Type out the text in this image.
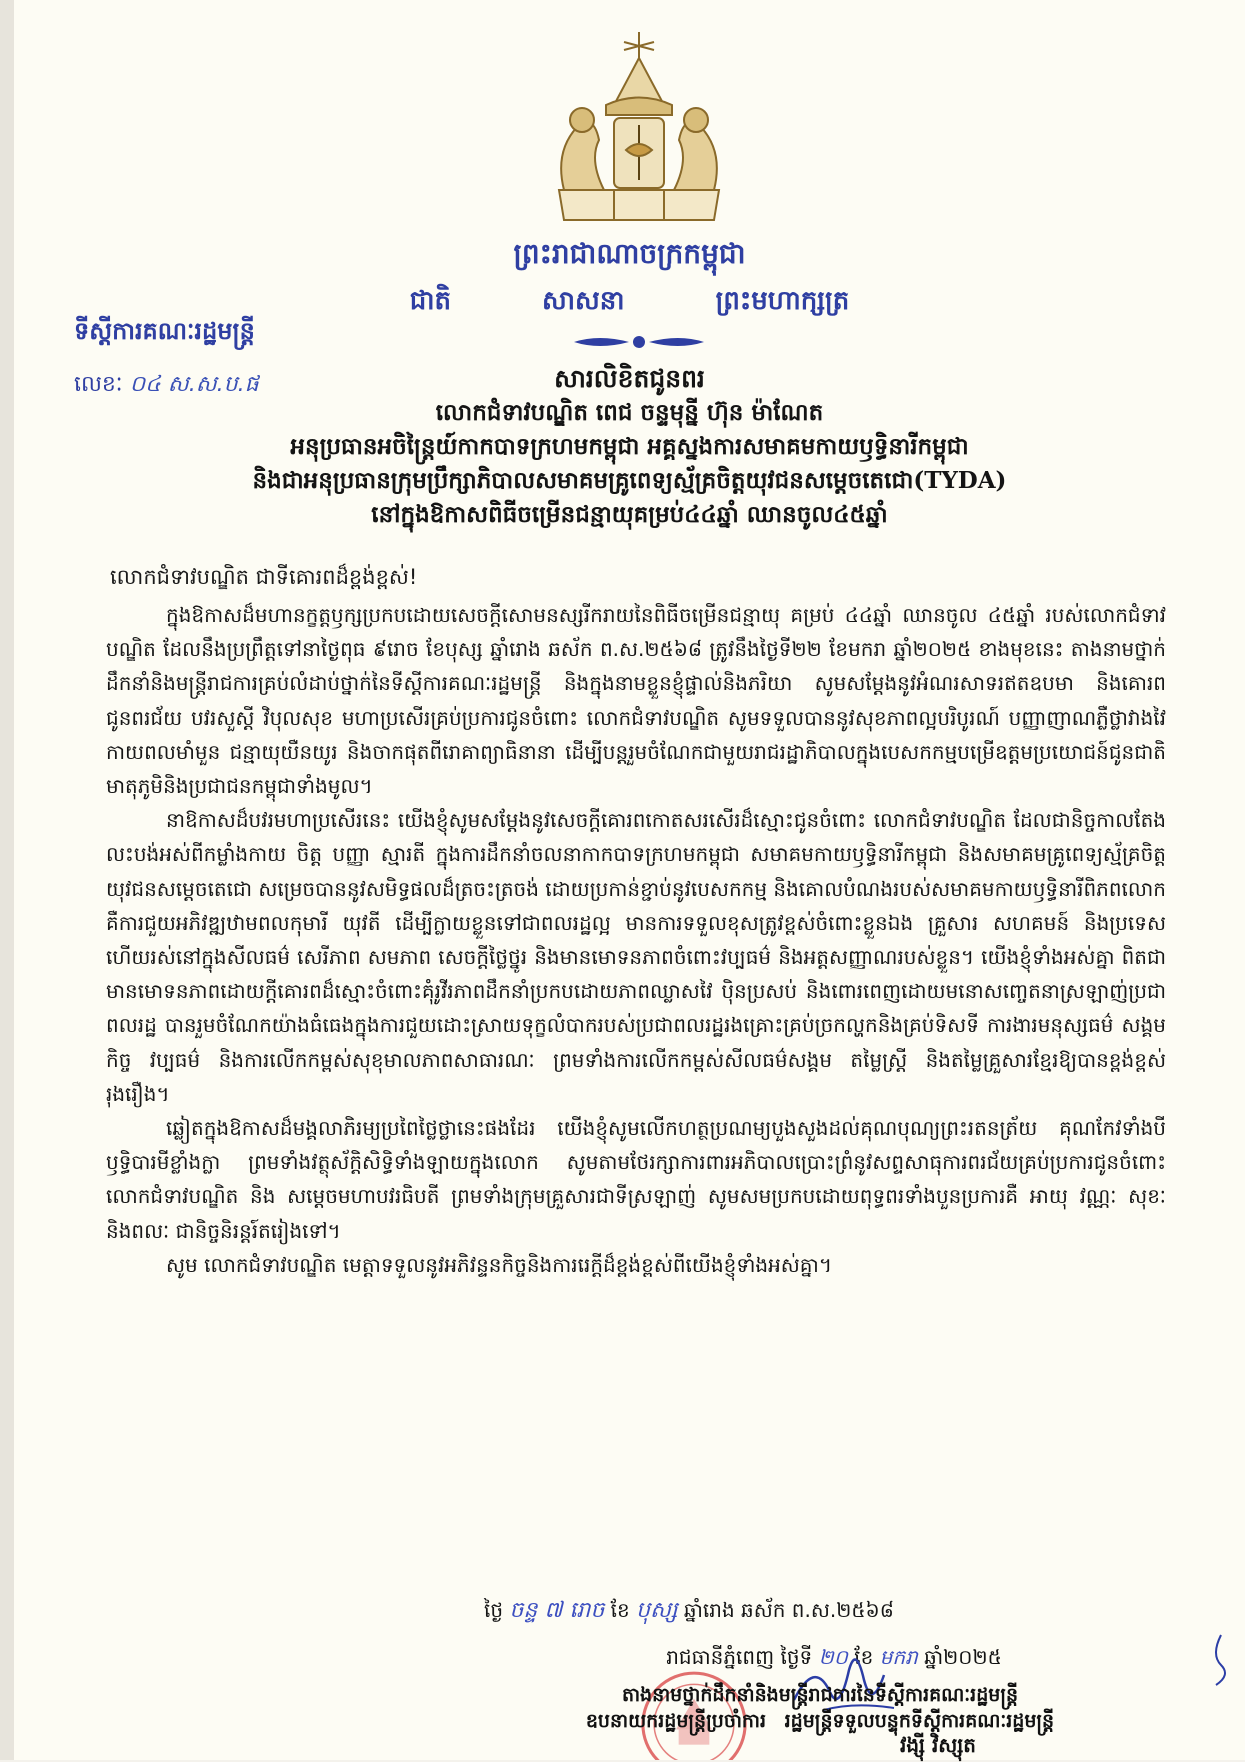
ព្រះរាជាណាចក្រកម្ពុជា
ជាតិ	សាសនា	ព្រះមហាក្សត្រ
ទីស្តីការគណៈរដ្ឋមន្ត្រី
លេខៈ ០៤ ស.ស.ប.ផ	សារលិខិតជូនពរ
លោកជំទាវបណ្ឌិត ពេជ ចន្ទមុន្នី ហ៊ុន ម៉ាណែត
អនុប្រធានអចិន្ត្រៃយ៍កាកបាទក្រហមកម្ពុជា អគ្គស្នងការសមាគមកាយឫទ្ធិនារីកម្ពុជា
និងជាអនុប្រធានក្រុមប្រឹក្សាភិបាលសមាគមគ្រូពេទ្យស្ម័គ្រចិត្តយុវជនសម្តេចតេជោ(TYDA)
នៅក្នុងឱកាសពិធីចម្រើនជន្មាយុគម្រប់៤៤ឆ្នាំ ឈានចូល៤៥ឆ្នាំ
លោកជំទាវបណ្ឌិត ជាទីគោរពដ៏ខ្ពង់ខ្ពស់!

ក្នុងឱកាសដ៏មហានក្ខត្តឫក្សប្រកបដោយសេចក្តីសោមនស្សរីករាយនៃពិធីចម្រើនជន្មាយុ គម្រប់ ៤៤ឆ្នាំ ឈានចូល ៤៥ឆ្នាំ របស់លោកជំទាវបណ្ឌិត ដែលនឹងប្រព្រឹត្តទៅនាថ្ងៃពុធ ៩រោច ខែបុស្ស ឆ្នាំរោង ឆស័ក ព.ស.២៥៦៨ ត្រូវនឹងថ្ងៃទី២២ ខែមករា ឆ្នាំ២០២៥ ខាងមុខនេះ តាងនាមថ្នាក់ដឹកនាំនិងមន្ត្រីរាជការគ្រប់លំដាប់ថ្នាក់នៃទីស្តីការគណៈរដ្ឋមន្ត្រី និងក្នុងនាមខ្លួនខ្ញុំផ្ទាល់និងភរិយា សូមសម្តែងនូវអំណរសាទរឥតឧបមា និងគោរពជូនពរជ័យ បវរសួស្តី វិបុលសុខ មហាប្រសើរគ្រប់ប្រការជូនចំពោះ លោកជំទាវបណ្ឌិត សូមទទួលបាននូវសុខភាពល្អបរិបូរណ៍ បញ្ញាញាណភ្លឺថ្លាវាងវៃ កាយពលមាំមួន ជន្មាយុយឺនយូរ និងចាកផុតពីរោគាព្យាធិនានា ដើម្បីបន្តរួមចំណែកជាមួយរាជរដ្ឋាភិបាលក្នុងបេសកកម្មបម្រើឧត្តមប្រយោជន៍ជូនជាតិមាតុភូមិនិងប្រជាជនកម្ពុជាទាំងមូល។

នាឱកាសដ៏បវរមហាប្រសើរនេះ យើងខ្ញុំសូមសម្តែងនូវសេចក្តីគោរពកោតសរសើរដ៏ស្មោះជូនចំពោះ លោកជំទាវបណ្ឌិត ដែលជានិច្ចកាលតែងលះបង់អស់ពីកម្លាំងកាយ ចិត្ត បញ្ញា ស្មារតី ក្នុងការដឹកនាំចលនាកាកបាទក្រហមកម្ពុជា សមាគមកាយឫទ្ធិនារីកម្ពុជា និងសមាគមគ្រូពេទ្យស្ម័គ្រចិត្តយុវជនសម្តេចតេជោ សម្រេចបាននូវសមិទ្ធផលដ៏ត្រចះត្រចង់ ដោយប្រកាន់ខ្ជាប់នូវបេសកកម្ម និងគោលបំណងរបស់សមាគមកាយឫទ្ធិនារីពិភពលោក គឺការជួយអភិវឌ្ឍឋាមពលកុមារី យុវតី ដើម្បីក្លាយខ្លួនទៅជាពលរដ្ឋល្អ មានការទទួលខុសត្រូវខ្ពស់ចំពោះខ្លួនឯង គ្រួសារ សហគមន៍ និងប្រទេស ហើយរស់នៅក្នុងសីលធម៌ សេរីភាព សមភាព សេចក្តីថ្លៃថ្នូរ និងមានមោទនភាពចំពោះវប្បធម៌ និងអត្តសញ្ញាណរបស់ខ្លួន។ យើងខ្ញុំទាំងអស់គ្នា ពិតជាមានមោទនភាពដោយក្តីគោរពដ៏ស្មោះចំពោះគុំរូវីរភាពដឹកនាំប្រកបដោយភាពឈ្លាសវៃ ប៉ិនប្រសប់ និងពោរពេញដោយមនោសញ្ចេតនាស្រឡាញ់ប្រជាពលរដ្ឋ បានរួមចំណែកយ៉ាងធំធេងក្នុងការជួយដោះស្រាយទុក្ខលំបាករបស់ប្រជាពលរដ្ឋរងគ្រោះគ្រប់ច្រកល្ហកនិងគ្រប់ទិសទី ការងារមនុស្សធម៌ សង្គមកិច្ច វប្បធម៌ និងការលើកកម្ពស់សុខុមាលភាពសាធារណៈ ព្រមទាំងការលើកកម្ពស់សីលធម៌សង្គម តម្លៃស្ត្រី និងតម្លៃគ្រួសារខ្មែរឱ្យបានខ្ពង់ខ្ពស់រុងរឿង។

ឆ្លៀតក្នុងឱកាសដ៏មង្គលាភិរម្យប្រពៃថ្លៃថ្លានេះផងដែរ យើងខ្ញុំសូមលើកហត្ថប្រណម្យបួងសួងដល់គុណបុណ្យព្រះរតនត្រ័យ គុណកែវទាំងបី ឫទ្ធិបារមីខ្លាំងក្លា ព្រមទាំងវត្ថុស័ក្តិសិទ្ធិទាំងឡាយក្នុងលោក សូមតាមថែរក្សាការពារអភិបាលប្រោះព្រំនូវសព្ទសាធុការពរជ័យគ្រប់ប្រការជូនចំពោះ លោកជំទាវបណ្ឌិត និង សម្តេចមហាបវរធិបតី ព្រមទាំងក្រុមគ្រួសារជាទីស្រឡាញ់ សូមសមប្រកបដោយពុទ្ធពរទាំងបួនប្រការគឺ អាយុ វណ្ណៈ សុខៈ និងពលៈ ជានិច្ចនិរន្តរ៍តរៀងទៅ។

សូម លោកជំទាវបណ្ឌិត មេត្តាទទួលនូវអភិវន្ទនកិច្ចនិងការរេក្តីដ៏ខ្ពង់ខ្ពស់ពីយើងខ្ញុំទាំងអស់គ្នា។

ថ្ងៃ ចន្ទ ៧ រោច ខែ បុស្ស ឆ្នាំរោង ឆស័ក ព.ស.២៥៦៨
រាជធានីភ្នំពេញ ថ្ងៃទី ២០ ខែ មករា ឆ្នាំ២០២៥
តាងនាមថ្នាក់ដឹកនាំនិងមន្ត្រីរាជការនៃទីស្តីការគណៈរដ្ឋមន្ត្រី
ឧបនាយករដ្ឋមន្ត្រីប្រចាំការ រដ្ឋមន្ត្រីទទួលបន្ទុកទីស្តីការគណៈរដ្ឋមន្ត្រី
វង្ស៊ី វិស្សុត
